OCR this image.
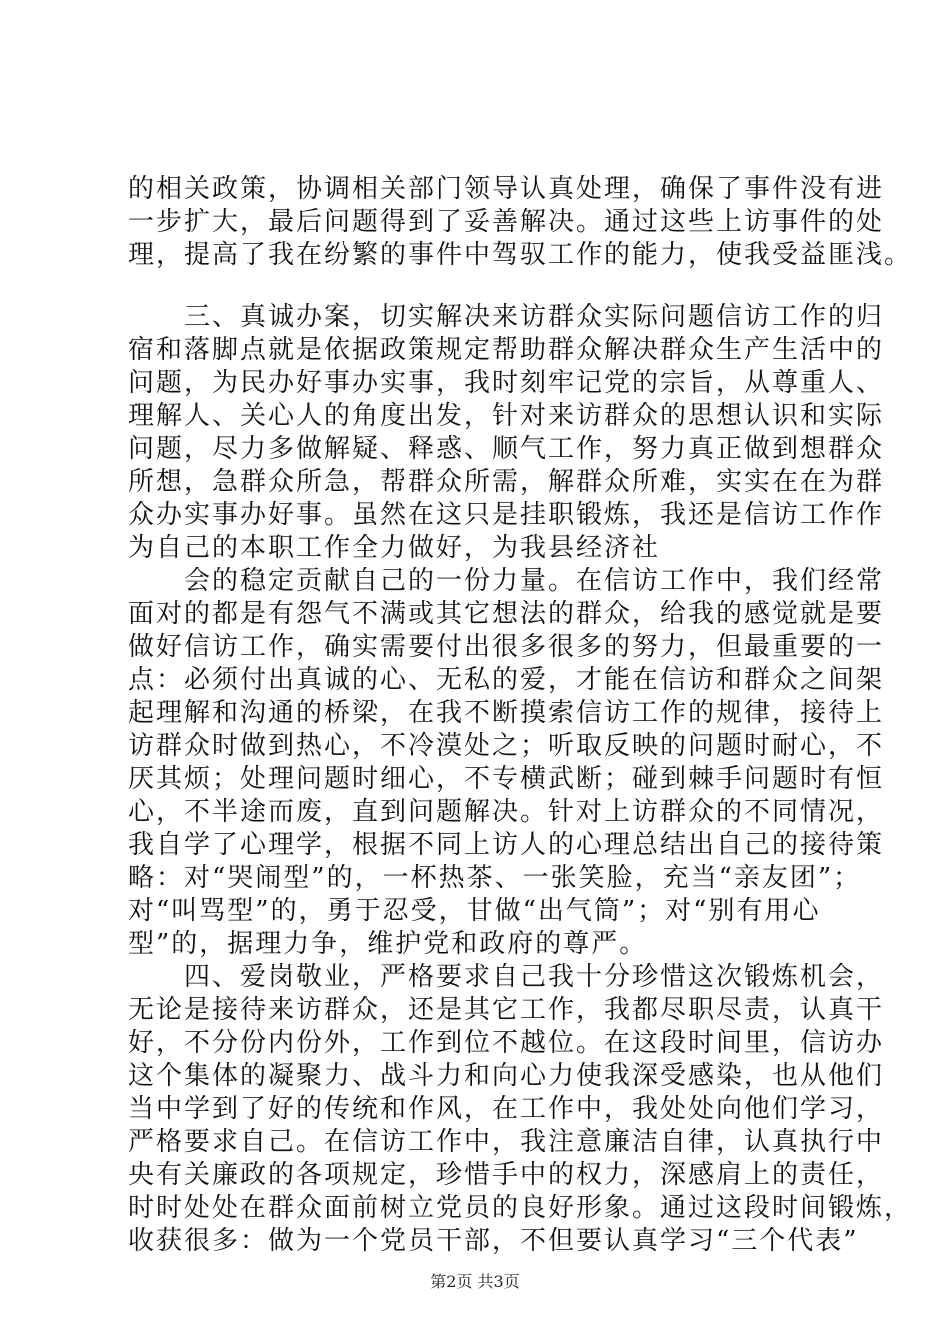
的相关政策，协调相关部门领导认真处理，确保了事件没有进
一步扩大，最后问题得到了妥善解决。通过这些上访事件的处
理，提高了我在纷繁的事件中驾驭工作的能力，使我受益匪浅。
　　三、真诚办案，切实解决来访群众实际问题信访工作的归
宿和落脚点就是依据政策规定帮助群众解决群众生产生活中的
问题，为民办好事办实事，我时刻牢记党的宗旨，从尊重人、
理解人、关心人的角度出发，针对来访群众的思想认识和实际
问题，尽力多做解疑、释惑、顺气工作，努力真正做到想群众
所想，急群众所急，帮群众所需，解群众所难，实实在在为群
众办实事办好事。虽然在这只是挂职锻炼，我还是信访工作作
为自己的本职工作全力做好，为我县经济社
　　会的稳定贡献自己的一份力量。在信访工作中，我们经常
面对的都是有怨气不满或其它想法的群众，给我的感觉就是要
做好信访工作，确实需要付出很多很多的努力，但最重要的一
点：必须付出真诚的心、无私的爱，才能在信访和群众之间架
起理解和沟通的桥梁，在我不断摸索信访工作的规律，接待上
访群众时做到热心，不冷漠处之；听取反映的问题时耐心，不
厌其烦；处理问题时细心，不专横武断；碰到棘手问题时有恒
心，不半途而废，直到问题解决。针对上访群众的不同情况，
我自学了心理学，根据不同上访人的心理总结出自己的接待策
略：对“哭闹型”的，一杯热茶、一张笑脸，充当“亲友团”；
对“叫骂型”的，勇于忍受，甘做“出气筒”；对“别有用心
型”的，据理力争，维护党和政府的尊严。
　　四、爱岗敬业，严格要求自己我十分珍惜这次锻炼机会，
无论是接待来访群众，还是其它工作，我都尽职尽责，认真干
好，不分份内份外，工作到位不越位。在这段时间里，信访办
这个集体的凝聚力、战斗力和向心力使我深受感染，也从他们
当中学到了好的传统和作风，在工作中，我处处向他们学习，
严格要求自己。在信访工作中，我注意廉洁自律，认真执行中
央有关廉政的各项规定，珍惜手中的权力，深感肩上的责任，
时时处处在群众面前树立党员的良好形象。通过这段时间锻炼，
收获很多：做为一个党员干部，不但要认真学习“三个代表”
第2页 共3页
